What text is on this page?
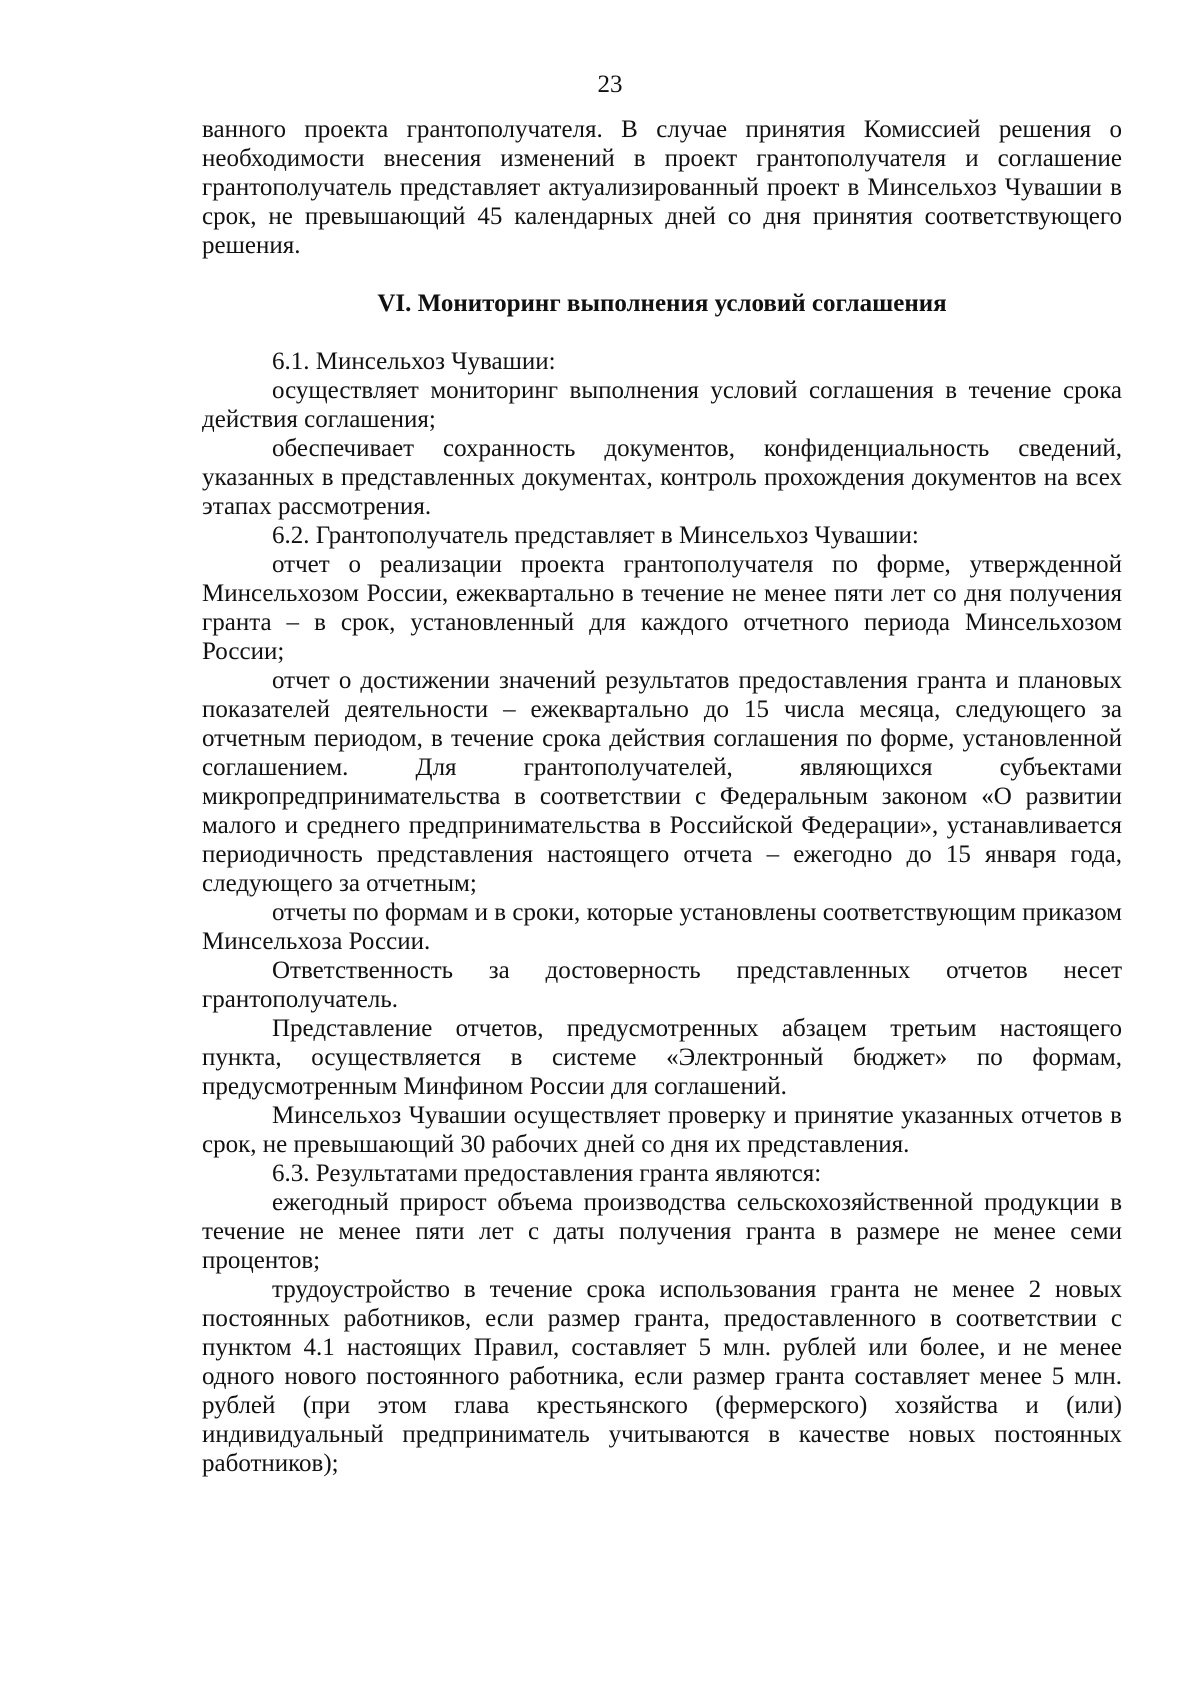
23

ванного проекта грантополучателя. В случае принятия Комиссией решения о необходимости внесения изменений в проект грантополучателя и соглашение грантополучатель представляет актуализированный проект в Минсельхоз Чувашии в срок, не превышающий 45 календарных дней со дня принятия соответствующего решения.

VI. Мониторинг выполнения условий соглашения

6.1. Минсельхоз Чувашии:

осуществляет мониторинг выполнения условий соглашения в течение срока действия соглашения;

обеспечивает сохранность документов, конфиденциальность сведений, указанных в представленных документах, контроль прохождения документов на всех этапах рассмотрения.

6.2. Грантополучатель представляет в Минсельхоз Чувашии:

отчет о реализации проекта грантополучателя по форме, утвержденной Минсельхозом России, ежеквартально в течение не менее пяти лет со дня получения гранта – в срок, установленный для каждого отчетного периода Минсельхозом России;

отчет о достижении значений результатов предоставления гранта и плановых показателей деятельности – ежеквартально до 15 числа месяца, следующего за отчетным периодом, в течение срока действия соглашения по форме, установленной соглашением. Для грантополучателей, являющихся субъектами микропредпринимательства в соответствии с Федеральным законом «О развитии малого и среднего предпринимательства в Российской Федерации», устанавливается периодичность представления настоящего отчета – ежегодно до 15 января года, следующего за отчетным;

отчеты по формам и в сроки, которые установлены соответствующим приказом Минсельхоза России.

Ответственность за достоверность представленных отчетов несет грантополучатель.

Представление отчетов, предусмотренных абзацем третьим настоящего пункта, осуществляется в системе «Электронный бюджет» по формам, предусмотренным Минфином России для соглашений.

Минсельхоз Чувашии осуществляет проверку и принятие указанных отчетов в срок, не превышающий 30 рабочих дней со дня их представления.

6.3. Результатами предоставления гранта являются:

ежегодный прирост объема производства сельскохозяйственной продукции в течение не менее пяти лет с даты получения гранта в размере не менее семи процентов;

трудоустройство в течение срока использования гранта не менее 2 новых постоянных работников, если размер гранта, предоставленного в соответствии с пунктом 4.1 настоящих Правил, составляет 5 млн. рублей или более, и не менее одного нового постоянного работника, если размер гранта составляет менее 5 млн. рублей (при этом глава крестьянского (фермерского) хозяйства и (или) индивидуальный предприниматель учитываются в качестве новых постоянных работников);
